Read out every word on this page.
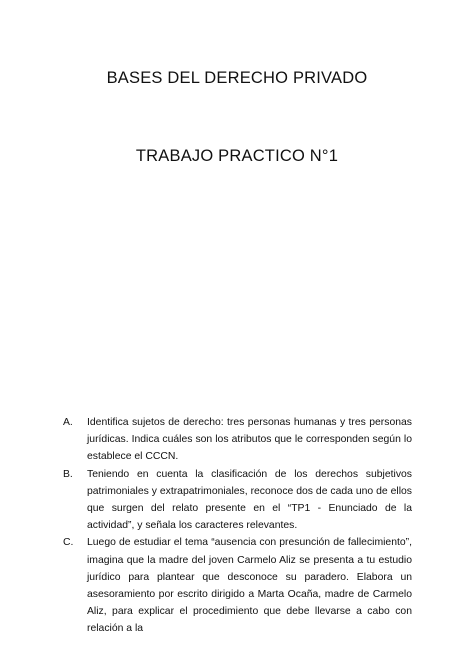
BASES DEL DERECHO PRIVADO
TRABAJO PRACTICO N°1
A. Identifica sujetos de derecho: tres personas humanas y tres personas jurídicas. Indica cuáles son los atributos que le corresponden según lo establece el CCCN.
B. Teniendo en cuenta la clasificación de los derechos subjetivos patrimoniales y extrapatrimoniales, reconoce dos de cada uno de ellos que surgen del relato presente en el “TP1 - Enunciado de la actividad”, y señala los caracteres relevantes.
C. Luego de estudiar el tema “ausencia con presunción de fallecimiento”, imagina que la madre del joven Carmelo Aliz se presenta a tu estudio jurídico para plantear que desconoce su paradero. Elabora un asesoramiento por escrito dirigido a Marta Ocaña, madre de Carmelo Aliz, para explicar el procedimiento que debe llevarse a cabo con relación a la
